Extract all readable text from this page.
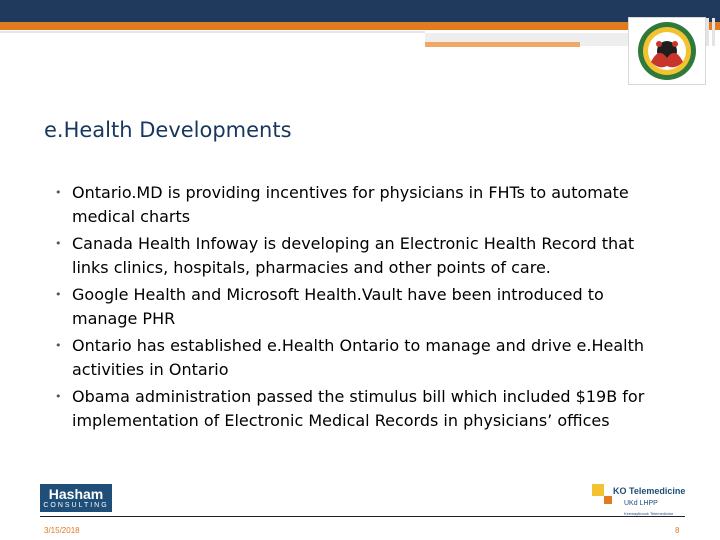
e.Health Developments
• Ontario.MD is providing incentives for physicians in FHTs to automate medical charts
• Canada Health Infoway is developing an Electronic Health Record that links clinics, hospitals, pharmacies and other points of care.
• Google Health and Microsoft Health.Vault have been introduced to manage PHR
• Ontario has established e.Health Ontario to manage and drive e.Health activities in Ontario
• Obama administration passed the stimulus bill which included $19B for implementation of Electronic Medical Records in physicians’ offices
Hasham
CONSULTING
KO Telemedicine
UKd LHPP
Keewaytinook Telemedicine
3/15/2018	8
